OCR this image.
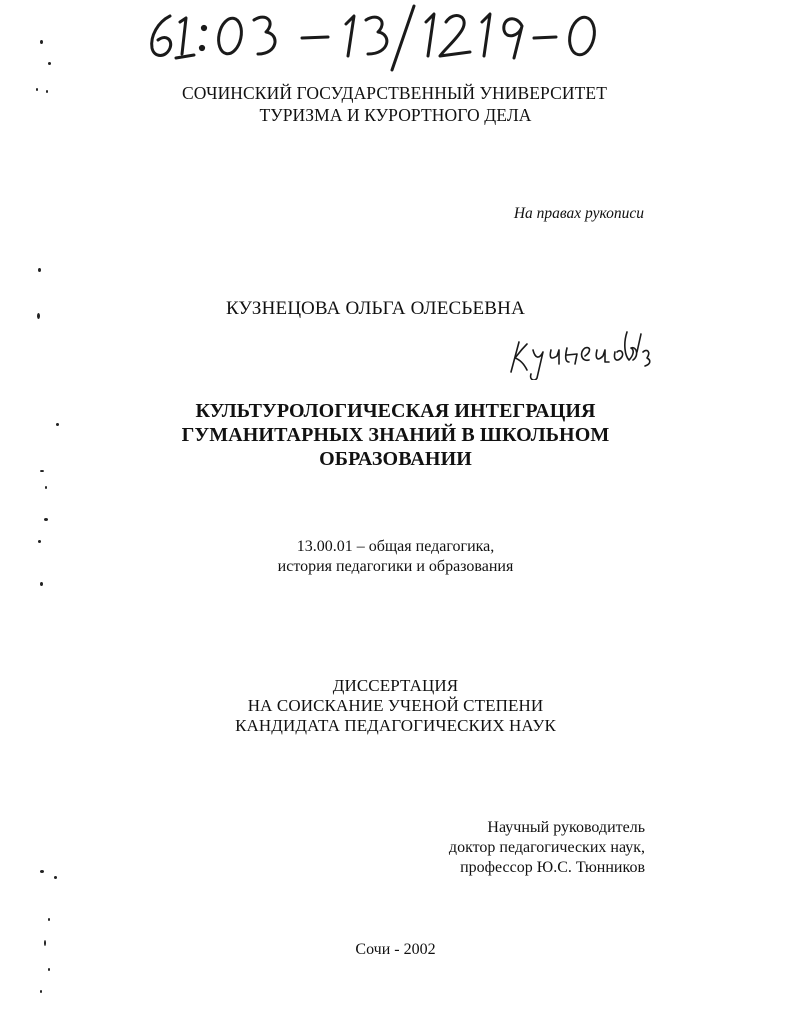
СОЧИНСКИЙ ГОСУДАРСТВЕННЫЙ УНИВЕРСИТЕТ
ТУРИЗМА И КУРОРТНОГО ДЕЛА
На правах рукописи
КУЗНЕЦОВА ОЛЬГА ОЛЕСЬЕВНА
КУЛЬТУРОЛОГИЧЕСКАЯ ИНТЕГРАЦИЯ
ГУМАНИТАРНЫХ ЗНАНИЙ В ШКОЛЬНОМ
ОБРАЗОВАНИИ
13.00.01 – общая педагогика,
история педагогики и образования
ДИССЕРТАЦИЯ
НА СОИСКАНИЕ УЧЕНОЙ СТЕПЕНИ
КАНДИДАТА ПЕДАГОГИЧЕСКИХ НАУК
Научный руководитель
доктор педагогических наук,
профессор Ю.С. Тюнников
Сочи - 2002
